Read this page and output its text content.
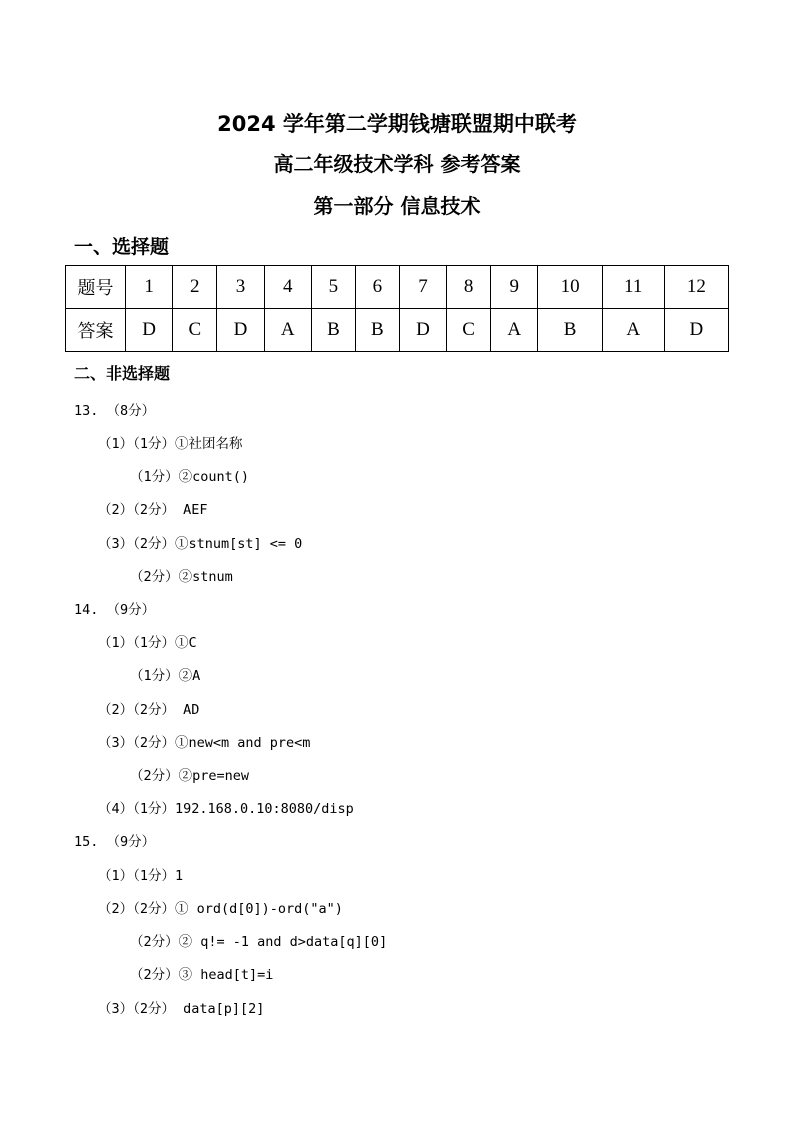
2024 学年第二学期钱塘联盟期中联考
高二年级技术学科 参考答案
第一部分 信息技术
一、选择题
题号	1	2	3	4	5	6	7	8	9	10	11	12
答案	D	C	D	A	B	B	D	C	A	B	A	D
二、非选择题
13. （8分）
（1）（1分）①社团名称
（1分）②count()
（2）（2分） AEF
（3）（2分）①stnum[st] <= 0
（2分）②stnum
14. （9分）
（1）（1分）①C
（1分）②A
（2）（2分） AD
（3）（2分）①new<m and pre<m
（2分）②pre=new
（4）（1分）192.168.0.10:8080/disp
15. （9分）
（1）（1分）1
（2）（2分）① ord(d[0])-ord("a")
（2分）② q!= -1 and d>data[q][0]
（2分）③ head[t]=i
（3）（2分） data[p][2]
